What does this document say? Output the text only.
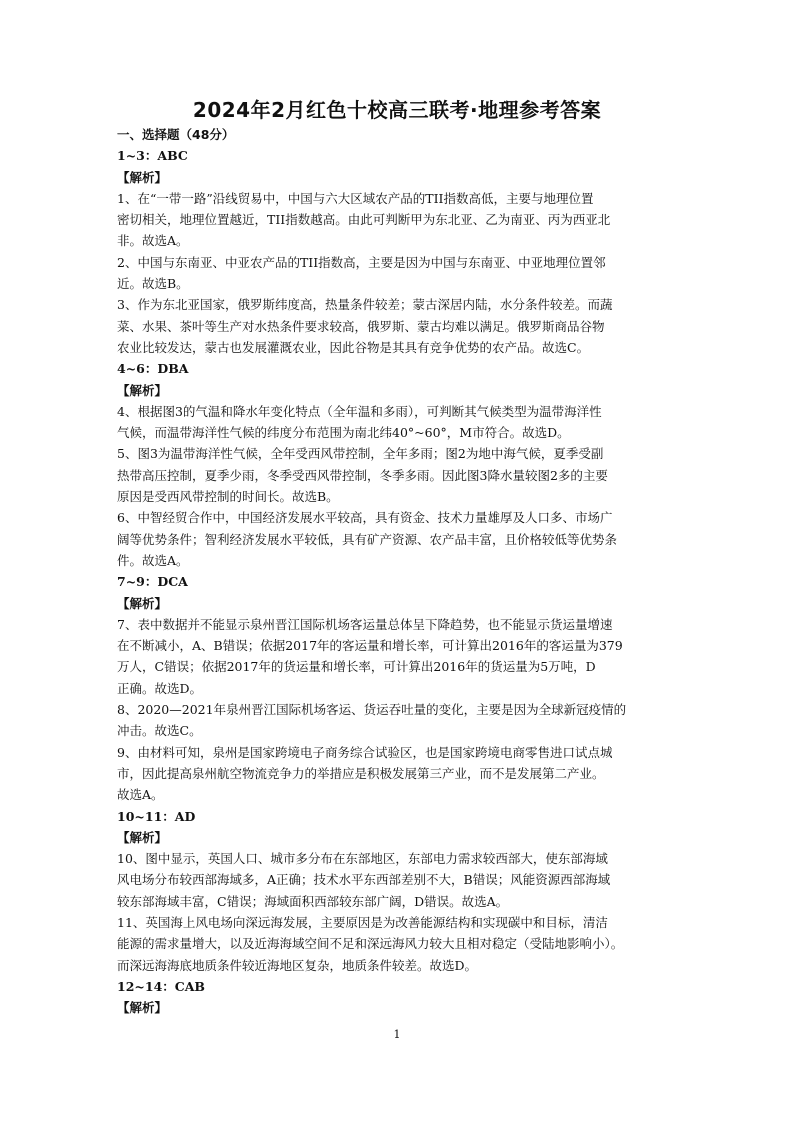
2024年2月红色十校高三联考·地理参考答案
一、选择题（48分）
1~3：ABC
【解析】
1、在“一带一路”沿线贸易中，中国与六大区域农产品的TII指数高低，主要与地理位置
密切相关，地理位置越近，TII指数越高。由此可判断甲为东北亚、乙为南亚、丙为西亚北
非。故选A。
2、中国与东南亚、中亚农产品的TII指数高，主要是因为中国与东南亚、中亚地理位置邻
近。故选B。
3、作为东北亚国家，俄罗斯纬度高，热量条件较差；蒙古深居内陆，水分条件较差。而蔬
菜、水果、茶叶等生产对水热条件要求较高，俄罗斯、蒙古均难以满足。俄罗斯商品谷物
农业比较发达，蒙古也发展灌溉农业，因此谷物是其具有竞争优势的农产品。故选C。
4~6：DBA
【解析】
4、根据图3的气温和降水年变化特点（全年温和多雨），可判断其气候类型为温带海洋性
气候，而温带海洋性气候的纬度分布范围为南北纬40°~60°，M市符合。故选D。
5、图3为温带海洋性气候，全年受西风带控制，全年多雨；图2为地中海气候，夏季受副
热带高压控制，夏季少雨，冬季受西风带控制，冬季多雨。因此图3降水量较图2多的主要
原因是受西风带控制的时间长。故选B。
6、中智经贸合作中，中国经济发展水平较高，具有资金、技术力量雄厚及人口多、市场广
阔等优势条件；智利经济发展水平较低，具有矿产资源、农产品丰富，且价格较低等优势条
件。故选A。
7~9：DCA
【解析】
7、表中数据并不能显示泉州晋江国际机场客运量总体呈下降趋势，也不能显示货运量增速
在不断减小，A、B错误；依据2017年的客运量和增长率，可计算出2016年的客运量为379
万人，C错误；依据2017年的货运量和增长率，可计算出2016年的货运量为5万吨，D
正确。故选D。
8、2020—2021年泉州晋江国际机场客运、货运吞吐量的变化，主要是因为全球新冠疫情的
冲击。故选C。
9、由材料可知，泉州是国家跨境电子商务综合试验区，也是国家跨境电商零售进口试点城
市，因此提高泉州航空物流竞争力的举措应是积极发展第三产业，而不是发展第二产业。
故选A。
10~11：AD
【解析】
10、图中显示，英国人口、城市多分布在东部地区，东部电力需求较西部大，使东部海域
风电场分布较西部海域多，A正确；技术水平东西部差别不大，B错误；风能资源西部海域
较东部海域丰富，C错误；海域面积西部较东部广阔，D错误。故选A。
11、英国海上风电场向深远海发展，主要原因是为改善能源结构和实现碳中和目标，清洁
能源的需求量增大，以及近海海域空间不足和深远海风力较大且相对稳定（受陆地影响小）。
而深远海海底地质条件较近海地区复杂，地质条件较差。故选D。
12~14：CAB
【解析】
1
